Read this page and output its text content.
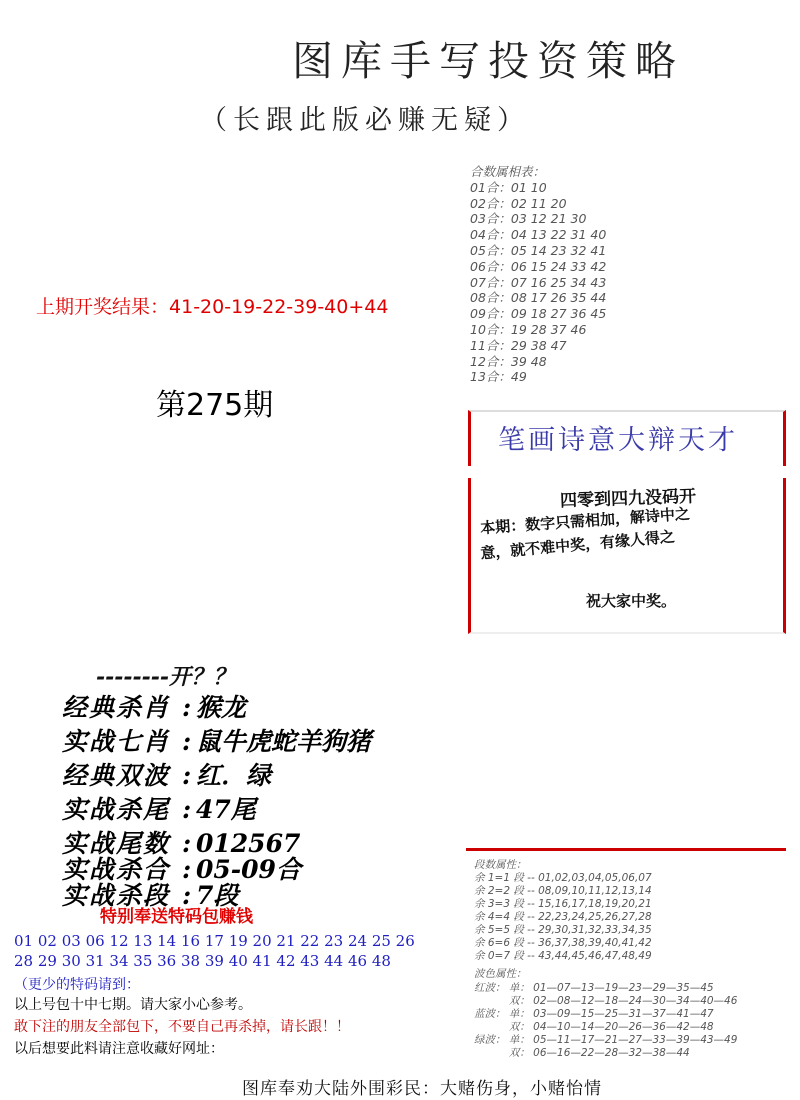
图库手写投资策略
（长跟此版必赚无疑）
上期开奖结果：41-20-19-22-39-40+44
第275期
合数属相表：
01合：01 10
02合：02 11 20
03合：03 12 21 30
04合：04 13 22 31 40
05合：05 14 23 32 41
06合：06 15 24 33 42
07合：07 16 25 34 43
08合：08 17 26 35 44
09合：09 18 27 36 45
10合：19 28 37 46
11合：29 38 47
12合：39 48
13合：49
笔画诗意大辩天才
四零到四九没码开
本期：数字只需相加，解诗中之
意，就不难中奖，有缘人得之
祝大家中奖。
--------开？？
经典杀肖 : 猴龙
实战七肖 : 鼠牛虎蛇羊狗猪
经典双波 : 红．绿
实战杀尾 : 47尾
实战尾数 : 012567
实战杀合 : 05-09合
实战杀段 : 7段
特别奉送特码包赚钱
01 02 03 06 12 13 14 16 17 19 20 21 22 23 24 25 26
28 29 30 31 34 35 36 38 39 40 41 42 43 44 46 48
（更少的特码请到：
以上号包十中七期。请大家小心参考。
敢下注的朋友全部包下，不要自己再杀掉，请长跟！！
以后想要此料请注意收藏好网址：
段数属性：
余 1=1 段 -- 01,02,03,04,05,06,07
余 2=2 段 -- 08,09,10,11,12,13,14
余 3=3 段 -- 15,16,17,18,19,20,21
余 4=4 段 -- 22,23,24,25,26,27,28
余 5=5 段 -- 29,30,31,32,33,34,35
余 6=6 段 -- 36,37,38,39,40,41,42
余 0=7 段 -- 43,44,45,46,47,48,49
波色属性：
红波： 单： 01—07—13—19—23—29—35—45
　　　 双： 02—08—12—18—24—30—34—40—46
蓝波： 单： 03—09—15—25—31—37—41—47
　　　 双： 04—10—14—20—26—36—42—48
绿波： 单： 05—11—17—21—27—33—39—43—49
　　　 双： 06—16—22—28—32—38—44
图库奉劝大陆外围彩民：大赌伤身，小赌怡情
